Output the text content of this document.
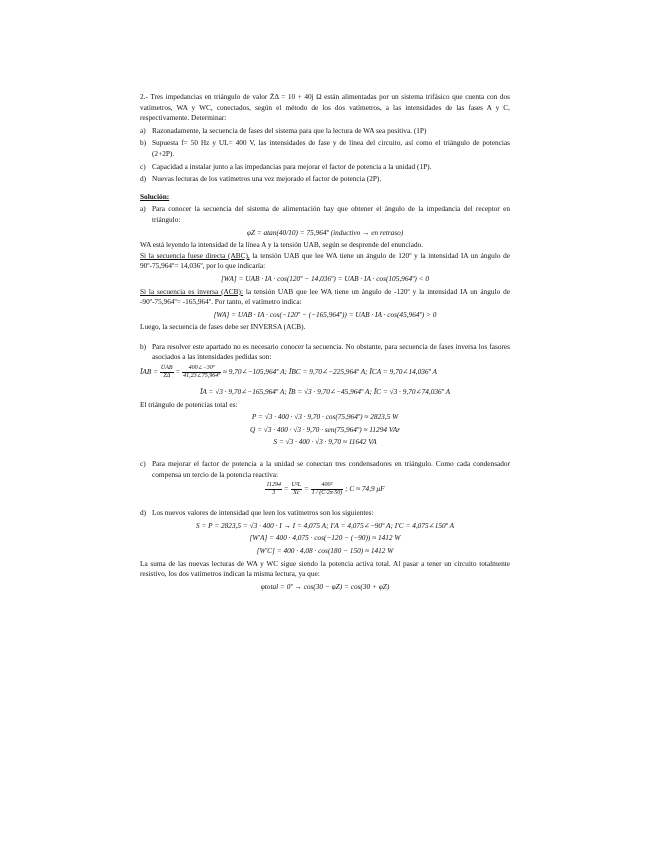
2.- Tres impedancias en triángulo de valor Z̄Δ = 10 + 40j Ω están alimentadas por un sistema trifásico que cuenta con dos vatímetros, WA y WC, conectados, según el método de los dos vatímetros, a las intensidades de las fases A y C, respectivamente. Determinar:
a) Razonadamente, la secuencia de fases del sistema para que la lectura de WA sea positiva. (1P)
b) Supuesta f= 50 Hz y UL= 400 V, las intensidades de fase y de línea del circuito, así como el triángulo de potencias (2+2P).
c) Capacidad a instalar junto a las impedancias para mejorar el factor de potencia a la unidad (1P).
d) Nuevas lecturas de los vatímetros una vez mejorado el factor de potencia (2P).
Solución:
a) Para conocer la secuencia del sistema de alimentación hay que obtener el ángulo de la impedancia del receptor en triángulo:
φZ = atan(40/10) = 75,964º (inductivo → en retraso)
WA está leyendo la intensidad de la línea A y la tensión UAB, según se desprende del enunciado.
Si la secuencia fuese directa (ABC), la tensión UAB que lee WA tiene un ángulo de 120º y la intensidad IA un ángulo de 90º-75,964º= 14,036º, por lo que indicaría:
[WA] = UAB · IA · cos(120º − 14,036º) = UAB · IA · cos(105,964º) < 0
Si la secuencia es inversa (ACB): la tensión UAB que lee WA tiene un ángulo de -120º y la intensidad IA un ángulo de -90º-75,964º= -165,964º. Por tanto, el vatímetro indica:
[WA] = UAB · IA · cos(−120º − (−165,964º)) = UAB · IA · cos(45,964º) > 0
Luego, la secuencia de fases debe ser INVERSA (ACB).
b) Para resolver este apartado no es necesario conocer la secuencia. No obstante, para secuencia de fases inversa los fasores asociados a las intensidades pedidas son:
ĪAB = $\frac{\text{ŪAB}}{Z̄\Delta} = \frac{\text{400∠−30º}}{\text{41,23∠75,964º}}$ ≈ 9,70∠−105,964º A; ĪBC = 9,70∠−225,964º A; ĪCA = 9,70∠14,036º A
ĪA = √3 · 9,70∠−165,964º A; ĪB = √3 · 9,70∠−45,964º A; ĪC = √3 · 9,70∠74,036º A
El triángulo de potencias total es:
P = √3 · 400 · √3 · 9,70 · cos(75,964º) ≈ 2823,5 W
Q = √3 · 400 · √3 · 9,70 · sen(75,964º) ≈ 11294 VAr
S = √3 · 400 · √3 · 9,70 ≈ 11642 VA
c) Para mejorar el factor de potencia a la unidad se conectan tres condensadores en triángulo. Como cada condensador compensa un tercio de la potencia reactiva:
$\frac{11294}{3} = \frac{\text{U²L}}{Xc} = \frac{\text{400²}}{1 / (C\cdot 2\pi\cdot 50)}$ ; C ≈ 74,9 μF
d) Los nuevos valores de intensidad que leen los vatímetros son los siguientes:
S = P = 2823,5 = √3 · 400 · I → I = 4,075 A; I′A = 4,075∠−90º A; I′C = 4,075∠150º A
[W′A] = 400 · 4,075 · cos(−120 − (−90)) ≈ 1412 W
[W′C] = 400 · 4,08 · cos(180 − 150) ≈ 1412 W
La suma de las nuevas lecturas de WA y WC sigue siendo la potencia activa total. Al pasar a tener un circuito totalmente resistivo, los dos vatímetros indican la misma lectura, ya que:
φtotal = 0º → cos(30 − φZ) = cos(30 + φZ)
